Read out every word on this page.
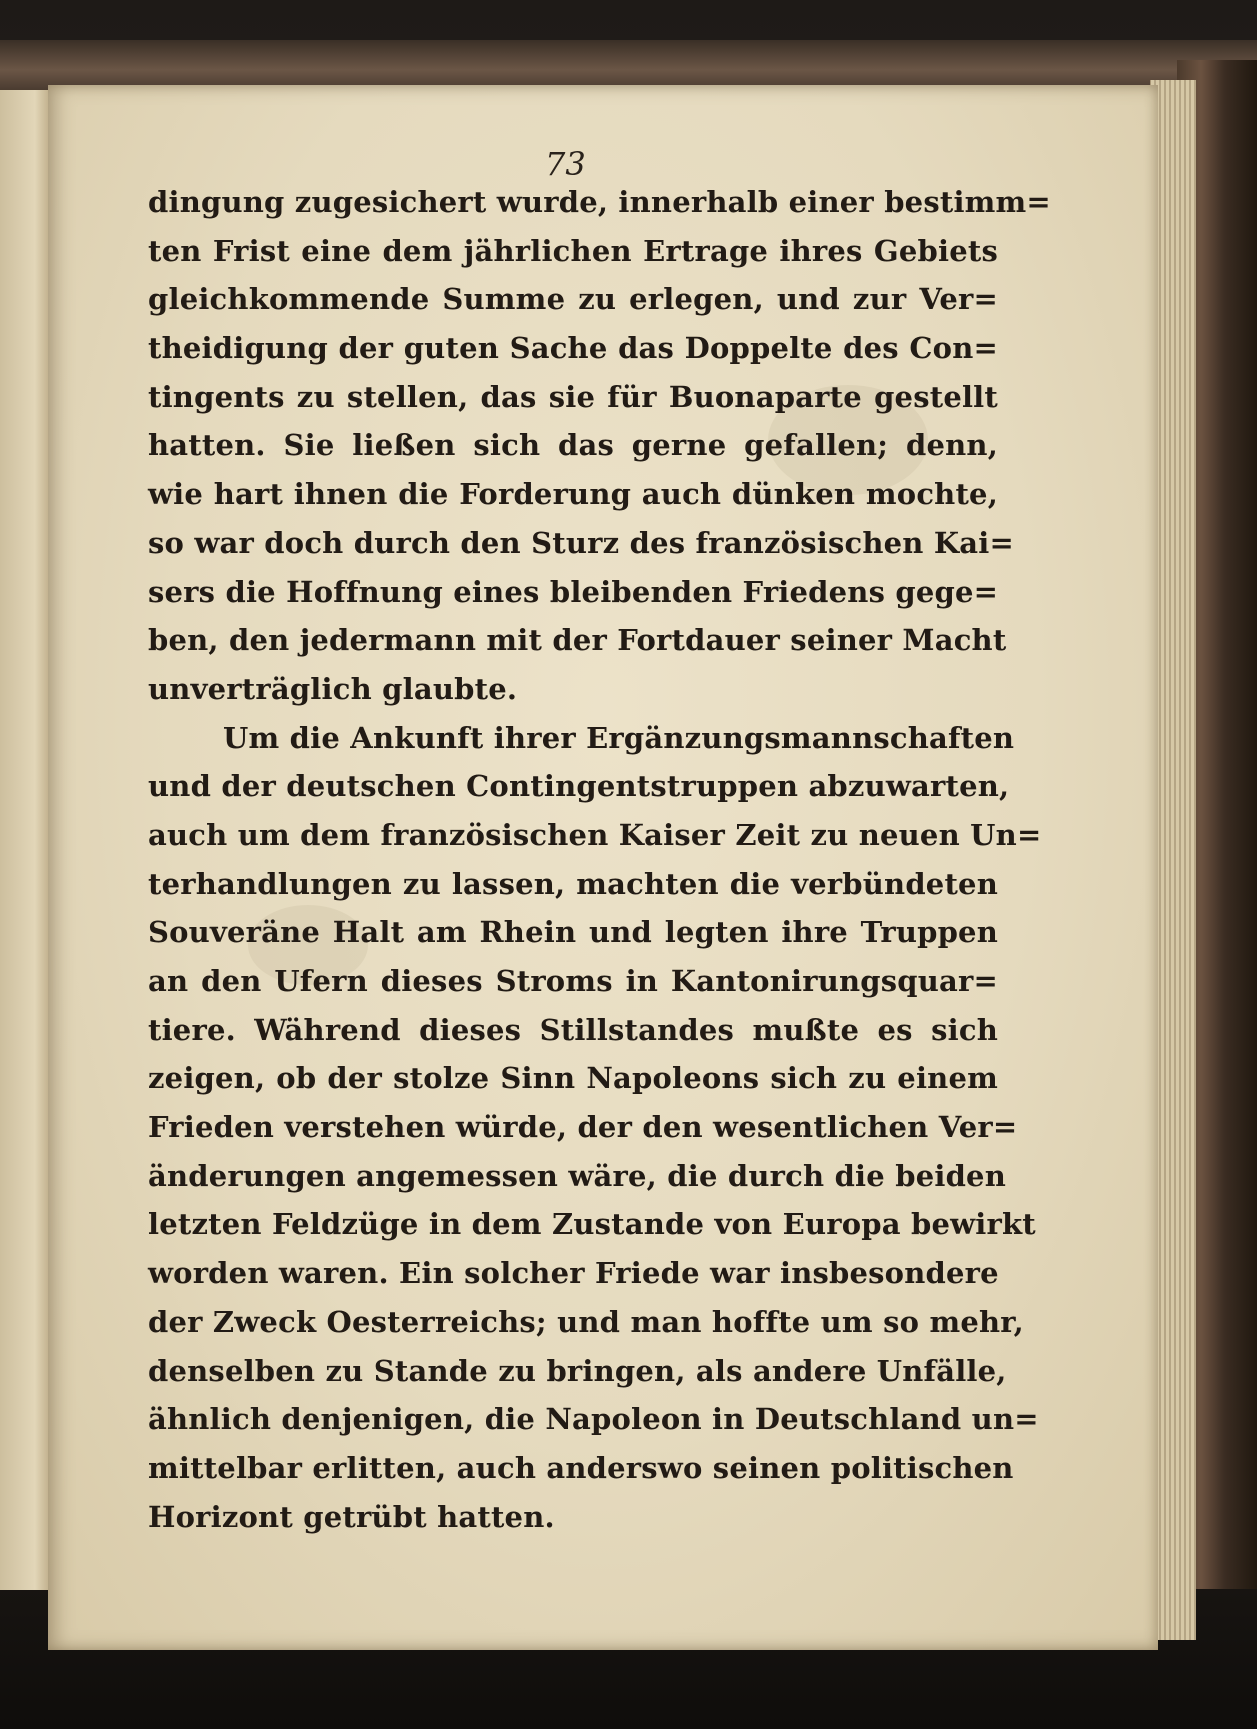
73
dingung zugesichert wurde, innerhalb einer bestimm=
ten Frist eine dem jährlichen Ertrage ihres Gebiets
gleichkommende Summe zu erlegen, und zur Ver=
theidigung der guten Sache das Doppelte des Con=
tingents zu stellen, das sie für Buonaparte gestellt
hatten. Sie ließen sich das gerne gefallen; denn,
wie hart ihnen die Forderung auch dünken mochte,
so war doch durch den Sturz des französischen Kai=
sers die Hoffnung eines bleibenden Friedens gege=
ben, den jedermann mit der Fortdauer seiner Macht
unverträglich glaubte.
Um die Ankunft ihrer Ergänzungsmannschaften
und der deutschen Contingentstruppen abzuwarten,
auch um dem französischen Kaiser Zeit zu neuen Un=
terhandlungen zu lassen, machten die verbündeten
Souveräne Halt am Rhein und legten ihre Truppen
an den Ufern dieses Stroms in Kantonirungsquar=
tiere. Während dieses Stillstandes mußte es sich
zeigen, ob der stolze Sinn Napoleons sich zu einem
Frieden verstehen würde, der den wesentlichen Ver=
änderungen angemessen wäre, die durch die beiden
letzten Feldzüge in dem Zustande von Europa bewirkt
worden waren. Ein solcher Friede war insbesondere
der Zweck Oesterreichs; und man hoffte um so mehr,
denselben zu Stande zu bringen, als andere Unfälle,
ähnlich denjenigen, die Napoleon in Deutschland un=
mittelbar erlitten, auch anderswo seinen politischen
Horizont getrübt hatten.
